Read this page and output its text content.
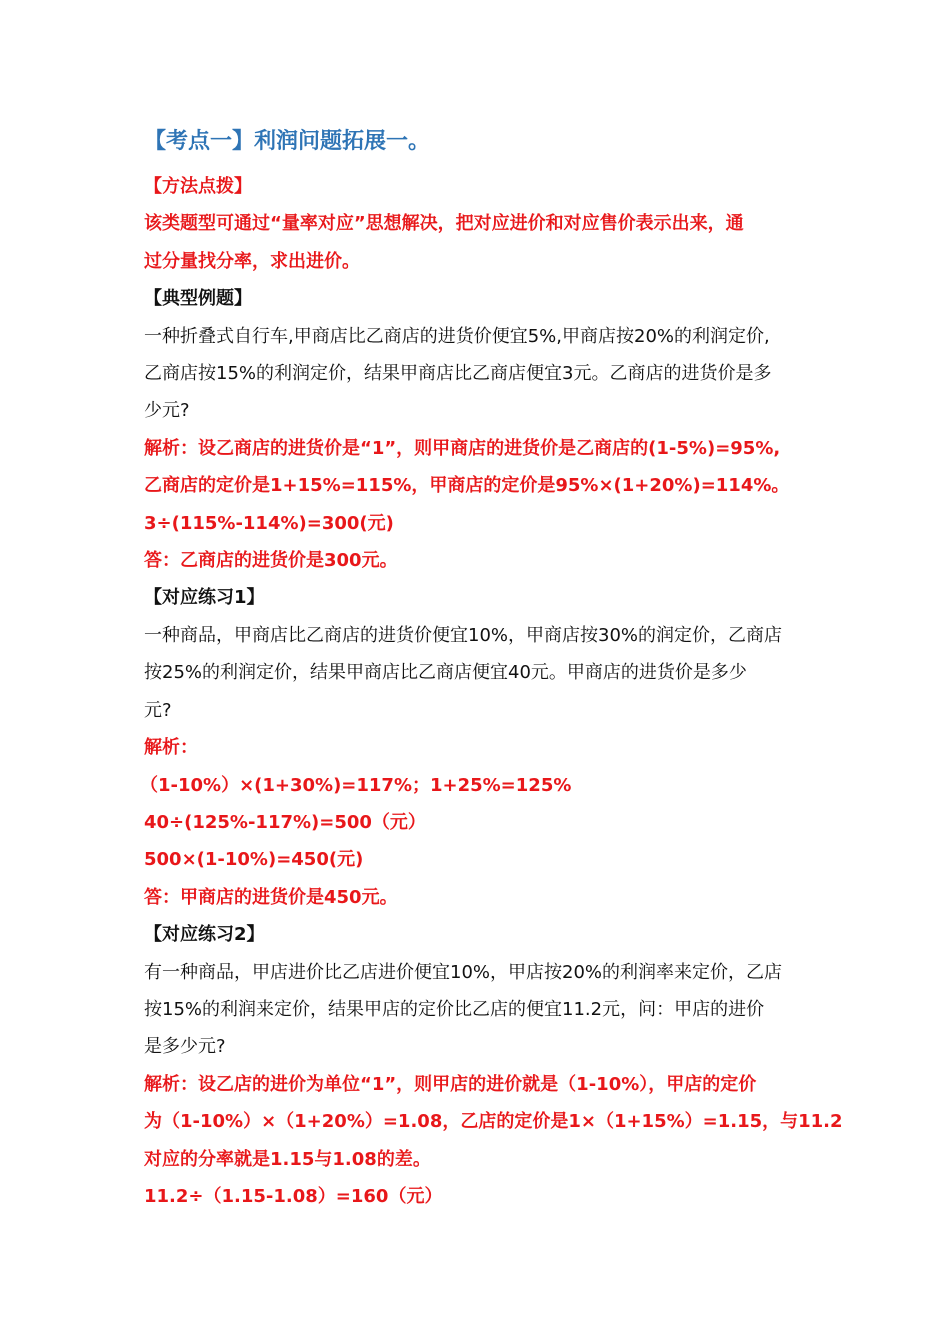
【考点一】利润问题拓展一。
【方法点拨】
该类题型可通过“量率对应”思想解决，把对应进价和对应售价表示出来，通
过分量找分率，求出进价。
【典型例题】
一种折叠式自行车,甲商店比乙商店的进货价便宜5%,甲商店按20%的利润定价,
乙商店按15%的利润定价，结果甲商店比乙商店便宜3元。乙商店的进货价是多
少元?
解析：设乙商店的进货价是“1”，则甲商店的进货价是乙商店的(1-5%)=95%,
乙商店的定价是1+15%=115%，甲商店的定价是95%×(1+20%)=114%。
3÷(115%-114%)=300(元)
答：乙商店的进货价是300元。
【对应练习1】
一种商品，甲商店比乙商店的进货价便宜10%，甲商店按30%的润定价，乙商店
按25%的利润定价，结果甲商店比乙商店便宜40元。甲商店的进货价是多少
元?
解析：
（1-10%）×(1+30%)=117%；1+25%=125%
40÷(125%-117%)=500（元）
500×(1-10%)=450(元)
答：甲商店的进货价是450元。
【对应练习2】
有一种商品，甲店进价比乙店进价便宜10%，甲店按20%的利润率来定价，乙店
按15%的利润来定价，结果甲店的定价比乙店的便宜11.2元，问：甲店的进价
是多少元?
解析：设乙店的进价为单位“1”，则甲店的进价就是（1-10%），甲店的定价
为（1-10%）×（1+20%）=1.08，乙店的定价是1×（1+15%）=1.15，与11.2
对应的分率就是1.15与1.08的差。
11.2÷（1.15-1.08）=160（元）
